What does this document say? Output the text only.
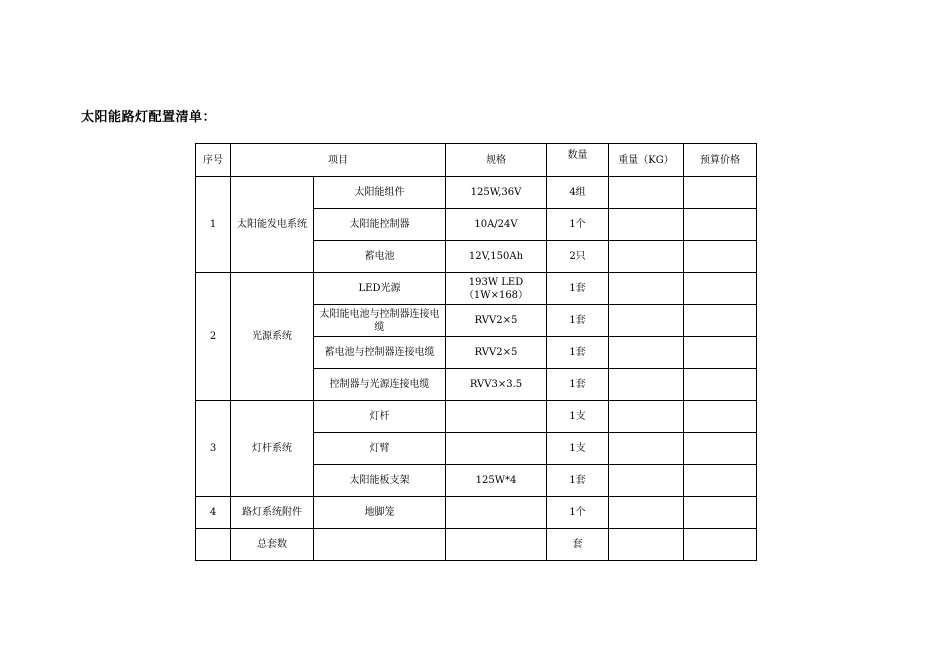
太阳能路灯配置清单：
序号	项目		规格	数量	重量（KG）	预算价格
1	太阳能发电系统	太阳能组件	125W,36V	4组		
		太阳能控制器	10A/24V	1个		
		蓄电池	12V,150Ah	2只		
2	光源系统	LED光源	193W LED（1W×168）	1套		
		太阳能电池与控制器连接电缆	RVV2×5	1套		
		蓄电池与控制器连接电缆	RVV2×5	1套		
		控制器与光源连接电缆	RVV3×3.5	1套		
3	灯杆系统	灯杆		1支		
		灯臂		1支		
		太阳能板支架	125W*4	1套		
4	路灯系统附件	地脚笼		1个		
	总套数			套		
